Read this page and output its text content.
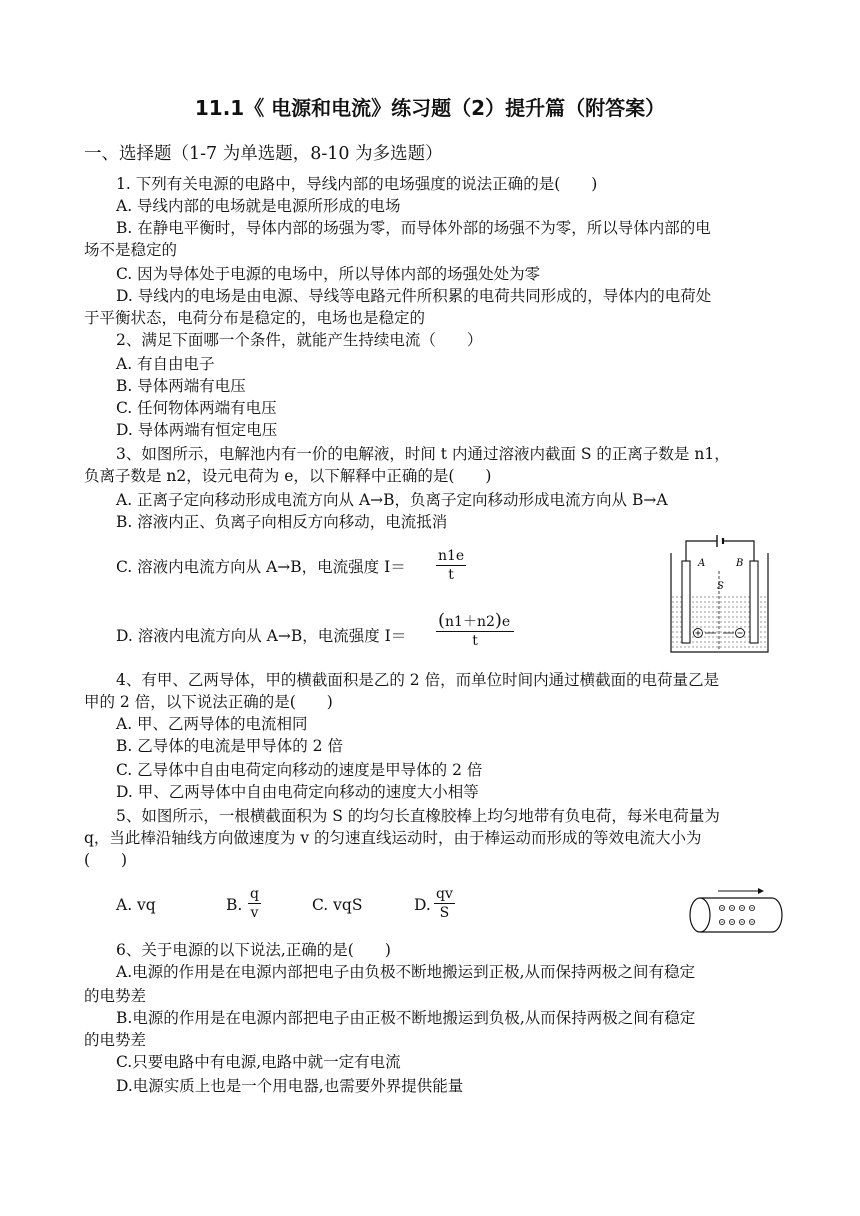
11.1《 电源和电流》练习题（2）提升篇（附答案）
一、选择题（1-7 为单选题，8-10 为多选题）
1. 下列有关电源的电路中，导线内部的电场强度的说法正确的是(　　)
A. 导线内部的电场就是电源所形成的电场
B. 在静电平衡时，导体内部的场强为零，而导体外部的场强不为零，所以导体内部的电
场不是稳定的
C. 因为导体处于电源的电场中，所以导体内部的场强处处为零
D. 导线内的电场是由电源、导线等电路元件所积累的电荷共同形成的，导体内的电荷处
于平衡状态，电荷分布是稳定的，电场也是稳定的
2、满足下面哪一个条件，就能产生持续电流（　　）
A. 有自由电子
B. 导体两端有电压
C. 任何物体两端有电压
D. 导体两端有恒定电压
3、如图所示，电解池内有一价的电解液，时间 t 内通过溶液内截面 S 的正离子数是 n1，
负离子数是 n2，设元电荷为 e，以下解释中正确的是(　　)
A. 正离子定向移动形成电流方向从 A→B，负离子定向移动形成电流方向从 B→A
B. 溶液内正、负离子向相反方向移动，电流抵消
C. 溶液内电流方向从 A→B，电流强度 $I= \frac{n1e}{t}$
D. 溶液内电流方向从 A→B，电流强度 $I= \frac{(n1+n2)e}{t}$
A	B
S
4、有甲、乙两导体，甲的横截面积是乙的 2 倍，而单位时间内通过横截面的电荷量乙是
甲的 2 倍，以下说法正确的是(　　)
A. 甲、乙两导体的电流相同
B. 乙导体的电流是甲导体的 2 倍
C. 乙导体中自由电荷定向移动的速度是甲导体的 2 倍
D. 甲、乙两导体中自由电荷定向移动的速度大小相等
5、如图所示，一根横截面积为 S 的均匀长直橡胶棒上均匀地带有负电荷，每米电荷量为
q，当此棒沿轴线方向做速度为 v 的匀速直线运动时，由于棒运动而形成的等效电流大小为
(　　)
A. vq	B. $\frac{q}{v}$	C. vqS	D. $\frac{qv}{S}$
6、关于电源的以下说法,正确的是(　　)
A.电源的作用是在电源内部把电子由负极不断地搬运到正极,从而保持两极之间有稳定
的电势差
B.电源的作用是在电源内部把电子由正极不断地搬运到负极,从而保持两极之间有稳定
的电势差
C.只要电路中有电源,电路中就一定有电流
D.电源实质上也是一个用电器,也需要外界提供能量
